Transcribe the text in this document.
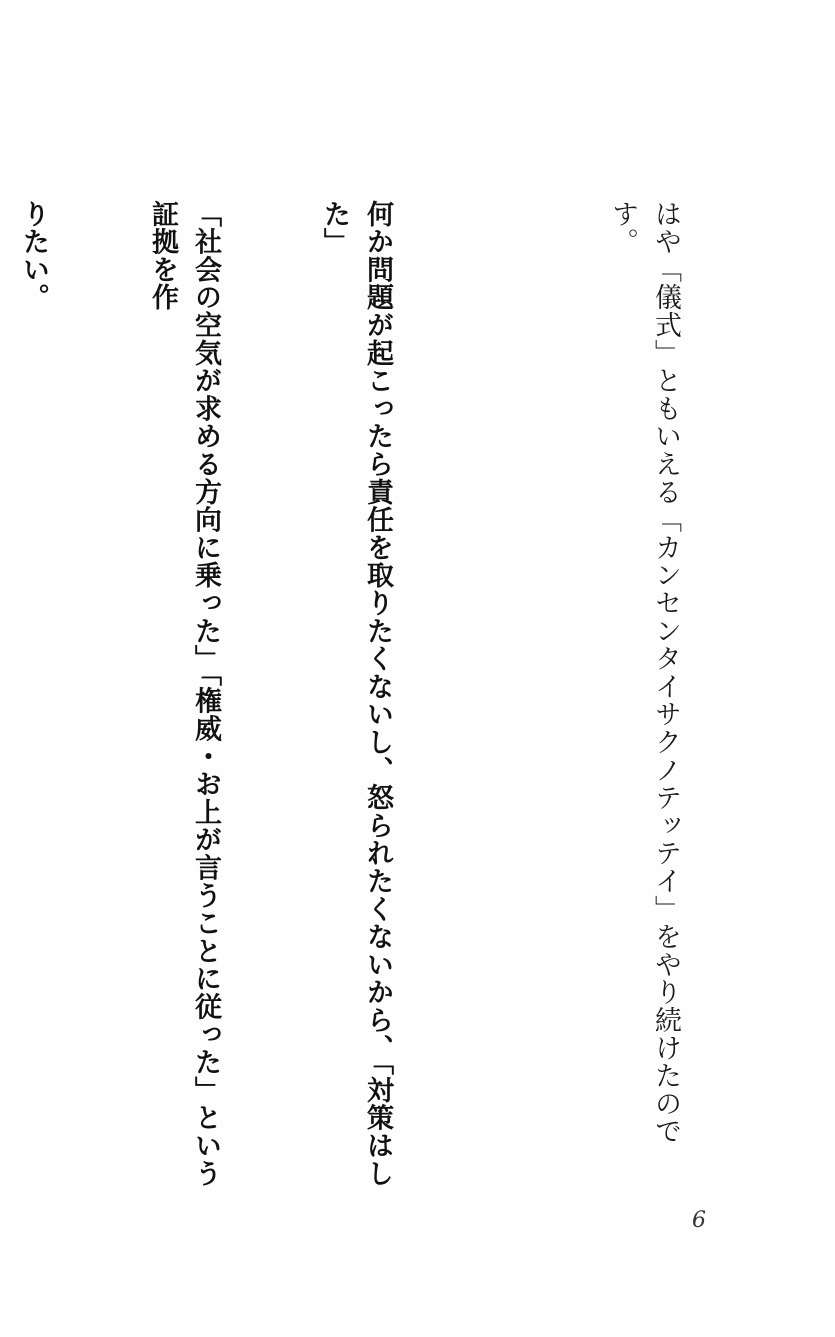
はや「儀式」ともいえる「カンセンタイサクノテッテイ」をやり続けたのです。

何か問題が起こったら責任を取りたくないし、怒られたくないから、「対策はした」

「社会の空気が求める方向に乗った」「権威・お上が言うことに従った」という証拠を作

りたい。

6
